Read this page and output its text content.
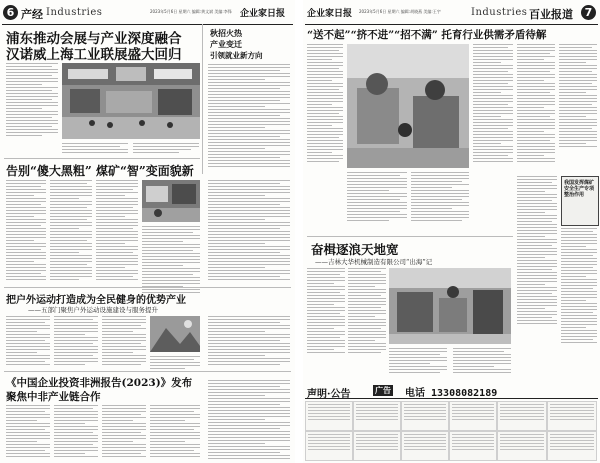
6 产经 Industries	2023年5月6日 星期六 编辑:黄文斌 美编:李锋 企业家日报
浦东推动会展与产业深度融合
汉诺威上海工业联展盛大回归
秋招火热
产业变迁
引领就业新方向
告别“傻大黑粗” 煤矿“智”变面貌新
把户外运动打造成为全民健身的优势产业
——五部门聚焦户外运动设施建设与服务提升
《中国企业投资非洲报告(2023)》发布
聚焦中非产业链合作
企业家日报 2023年5月6日 星期六 编辑:胡晓燕 美编:王宇	Industries 百业报道	7
“送不起”“挤不进”“招不满” 托育行业供需矛盾待解
我国发挥煤矿安全生产专项整治作用
奋楫逐浪天地宽
——吉林大华机械制造有限公司“出海”记
声明·公告	广告 电话 13308082189
